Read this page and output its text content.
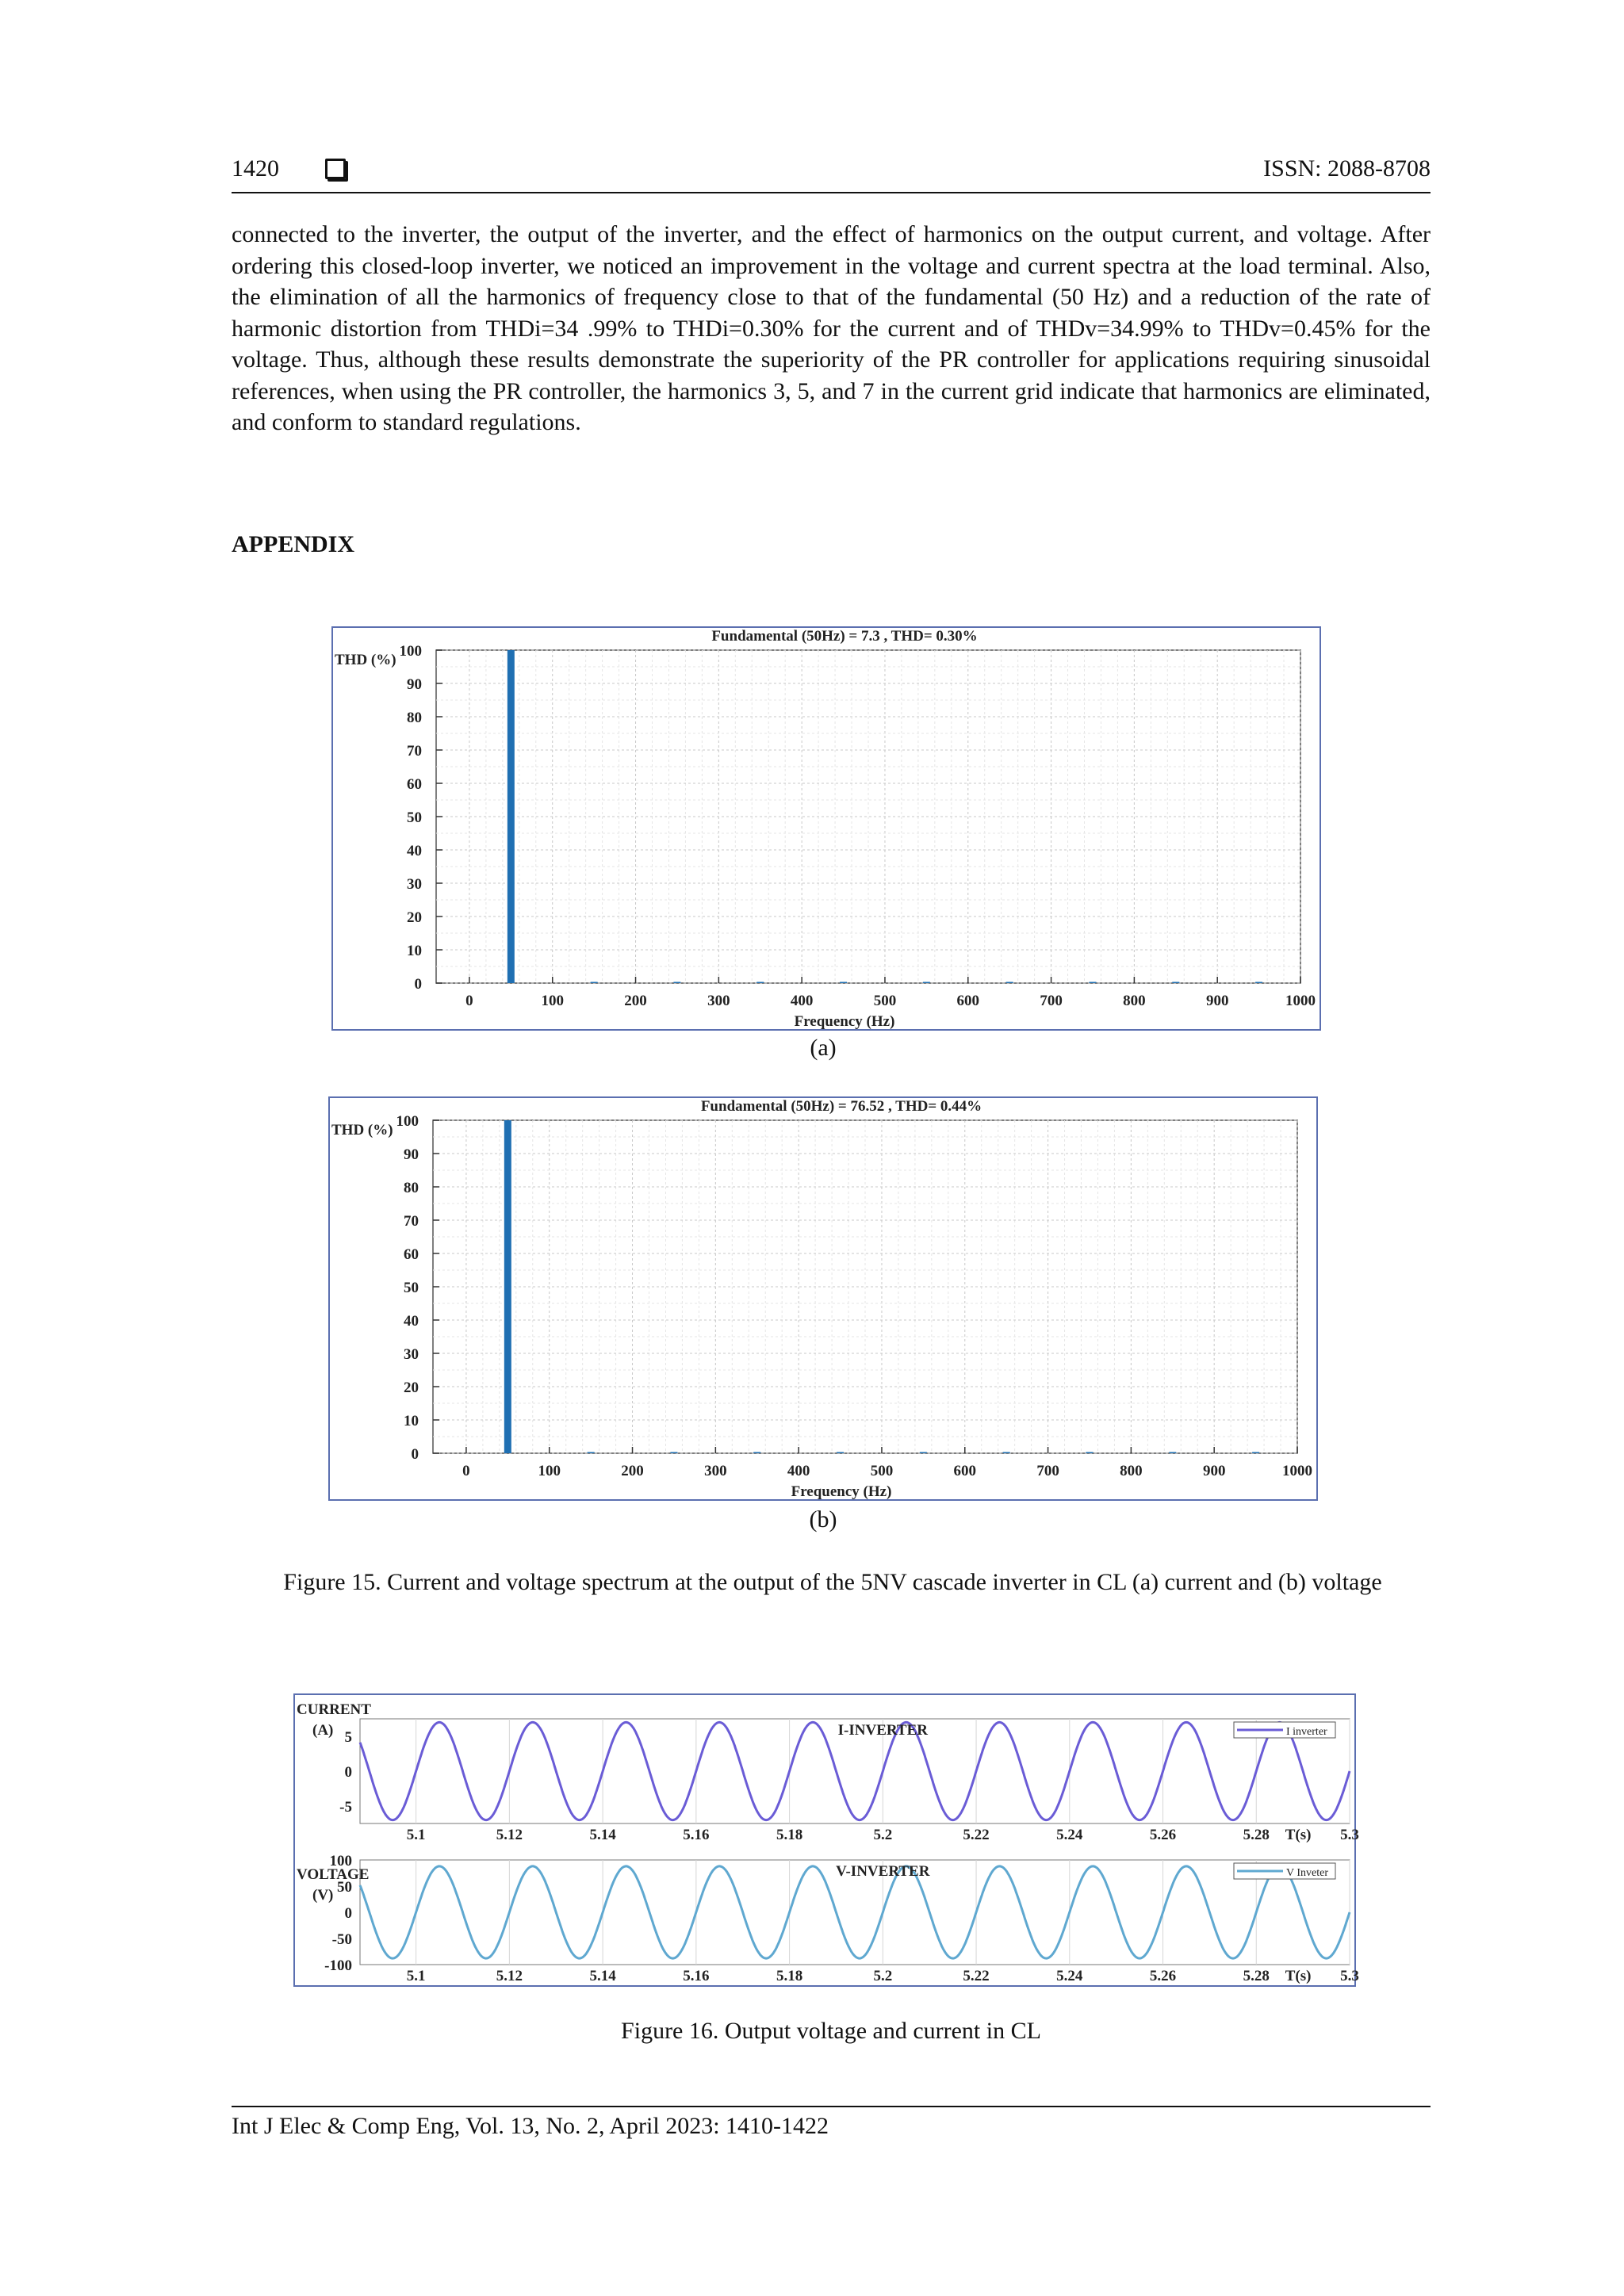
1420	ISSN: 2088-8708
connected to the inverter, the output of the inverter, and the effect of harmonics on the output current, and voltage. After ordering this closed-loop inverter, we noticed an improvement in the voltage and current spectra at the load terminal. Also, the elimination of all the harmonics of frequency close to that of the fundamental (50 Hz) and a reduction of the rate of harmonic distortion from THDi=34 .99% to THDi=0.30% for the current and of THDv=34.99% to THDv=0.45% for the voltage. Thus, although these results demonstrate the superiority of the PR controller for applications requiring sinusoidal references, when using the PR controller, the harmonics 3, 5, and 7 in the current grid indicate that harmonics are eliminated, and conform to standard regulations.
APPENDIX
0
10
20
30
40
50
60
70
80
90
100
0	100	200	300	400	500	600	700	800	900	1000
Fundamental (50Hz) = 7.3 , THD= 0.30%
THD (%)
Frequency (Hz)
(a)
0
10
20
30
40
50
60
70
80
90
100
0	100	200	300	400	500	600	700	800	900	1000
Fundamental (50Hz) = 76.52 , THD= 0.44%
THD (%)
Frequency (Hz)
(b)
Figure 15. Current and voltage spectrum at the output of the 5NV cascade inverter in CL (a) current and (b) voltage
5.1	5.12	5.14	5.16	5.18	5.2	5.22	5.24	5.26	5.28	5.3
T(s)
5
0
-5
I-INVERTER	I inverter
5.1	5.12	5.14	5.16	5.18	5.2	5.22	5.24	5.26	5.28	5.3
T(s)
100
50
0
-50
-100
V-INVERTER	V Inveter
CURRENT
(A)
VOLTAGE
(V)
Figure 16. Output voltage and current in CL
Int J Elec & Comp Eng, Vol. 13, No. 2, April 2023: 1410-1422
